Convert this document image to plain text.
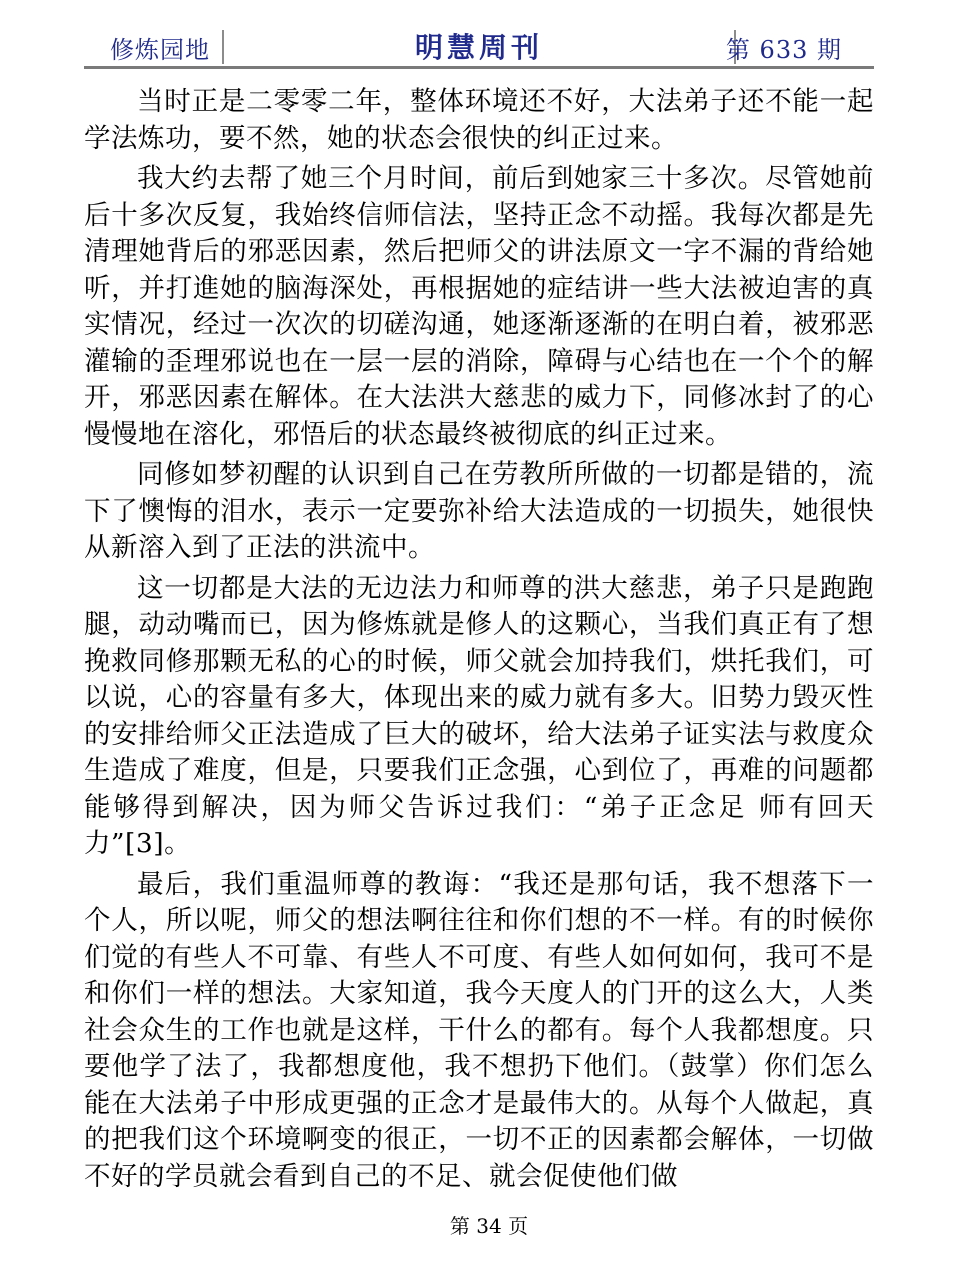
修炼园地	明慧周刊	第 633 期

当时正是二零零二年，整体环境还不好，大法弟子还不能一起学法炼功，要不然，她的状态会很快的纠正过来。

我大约去帮了她三个月时间，前后到她家三十多次。尽管她前后十多次反复，我始终信师信法，坚持正念不动摇。我每次都是先清理她背后的邪恶因素，然后把师父的讲法原文一字不漏的背给她听，并打進她的脑海深处，再根据她的症结讲一些大法被迫害的真实情况，经过一次次的切磋沟通，她逐渐逐渐的在明白着，被邪恶灌输的歪理邪说也在一层一层的消除，障碍与心结也在一个个的解开，邪恶因素在解体。在大法洪大慈悲的威力下，同修冰封了的心慢慢地在溶化，邪悟后的状态最终被彻底的纠正过来。

同修如梦初醒的认识到自己在劳教所所做的一切都是错的，流下了懊悔的泪水，表示一定要弥补给大法造成的一切损失，她很快从新溶入到了正法的洪流中。

这一切都是大法的无边法力和师尊的洪大慈悲，弟子只是跑跑腿，动动嘴而已，因为修炼就是修人的这颗心，当我们真正有了想挽救同修那颗无私的心的时候，师父就会加持我们，烘托我们，可以说，心的容量有多大，体现出来的威力就有多大。旧势力毁灭性的安排给师父正法造成了巨大的破坏，给大法弟子证实法与救度众生造成了难度，但是，只要我们正念强，心到位了，再难的问题都能够得到解决，因为师父告诉过我们：“弟子正念足 师有回天力”[3]。

最后，我们重温师尊的教诲：“我还是那句话，我不想落下一个人，所以呢，师父的想法啊往往和你们想的不一样。有的时候你们觉的有些人不可靠、有些人不可度、有些人如何如何，我可不是和你们一样的想法。大家知道，我今天度人的门开的这么大，人类社会众生的工作也就是这样，干什么的都有。每个人我都想度。只要他学了法了，我都想度他，我不想扔下他们。（鼓掌）你们怎么能在大法弟子中形成更强的正念才是最伟大的。从每个人做起，真的把我们这个环境啊变的很正，一切不正的因素都会解体，一切做不好的学员就会看到自己的不足、就会促使他们做

第 34 页
